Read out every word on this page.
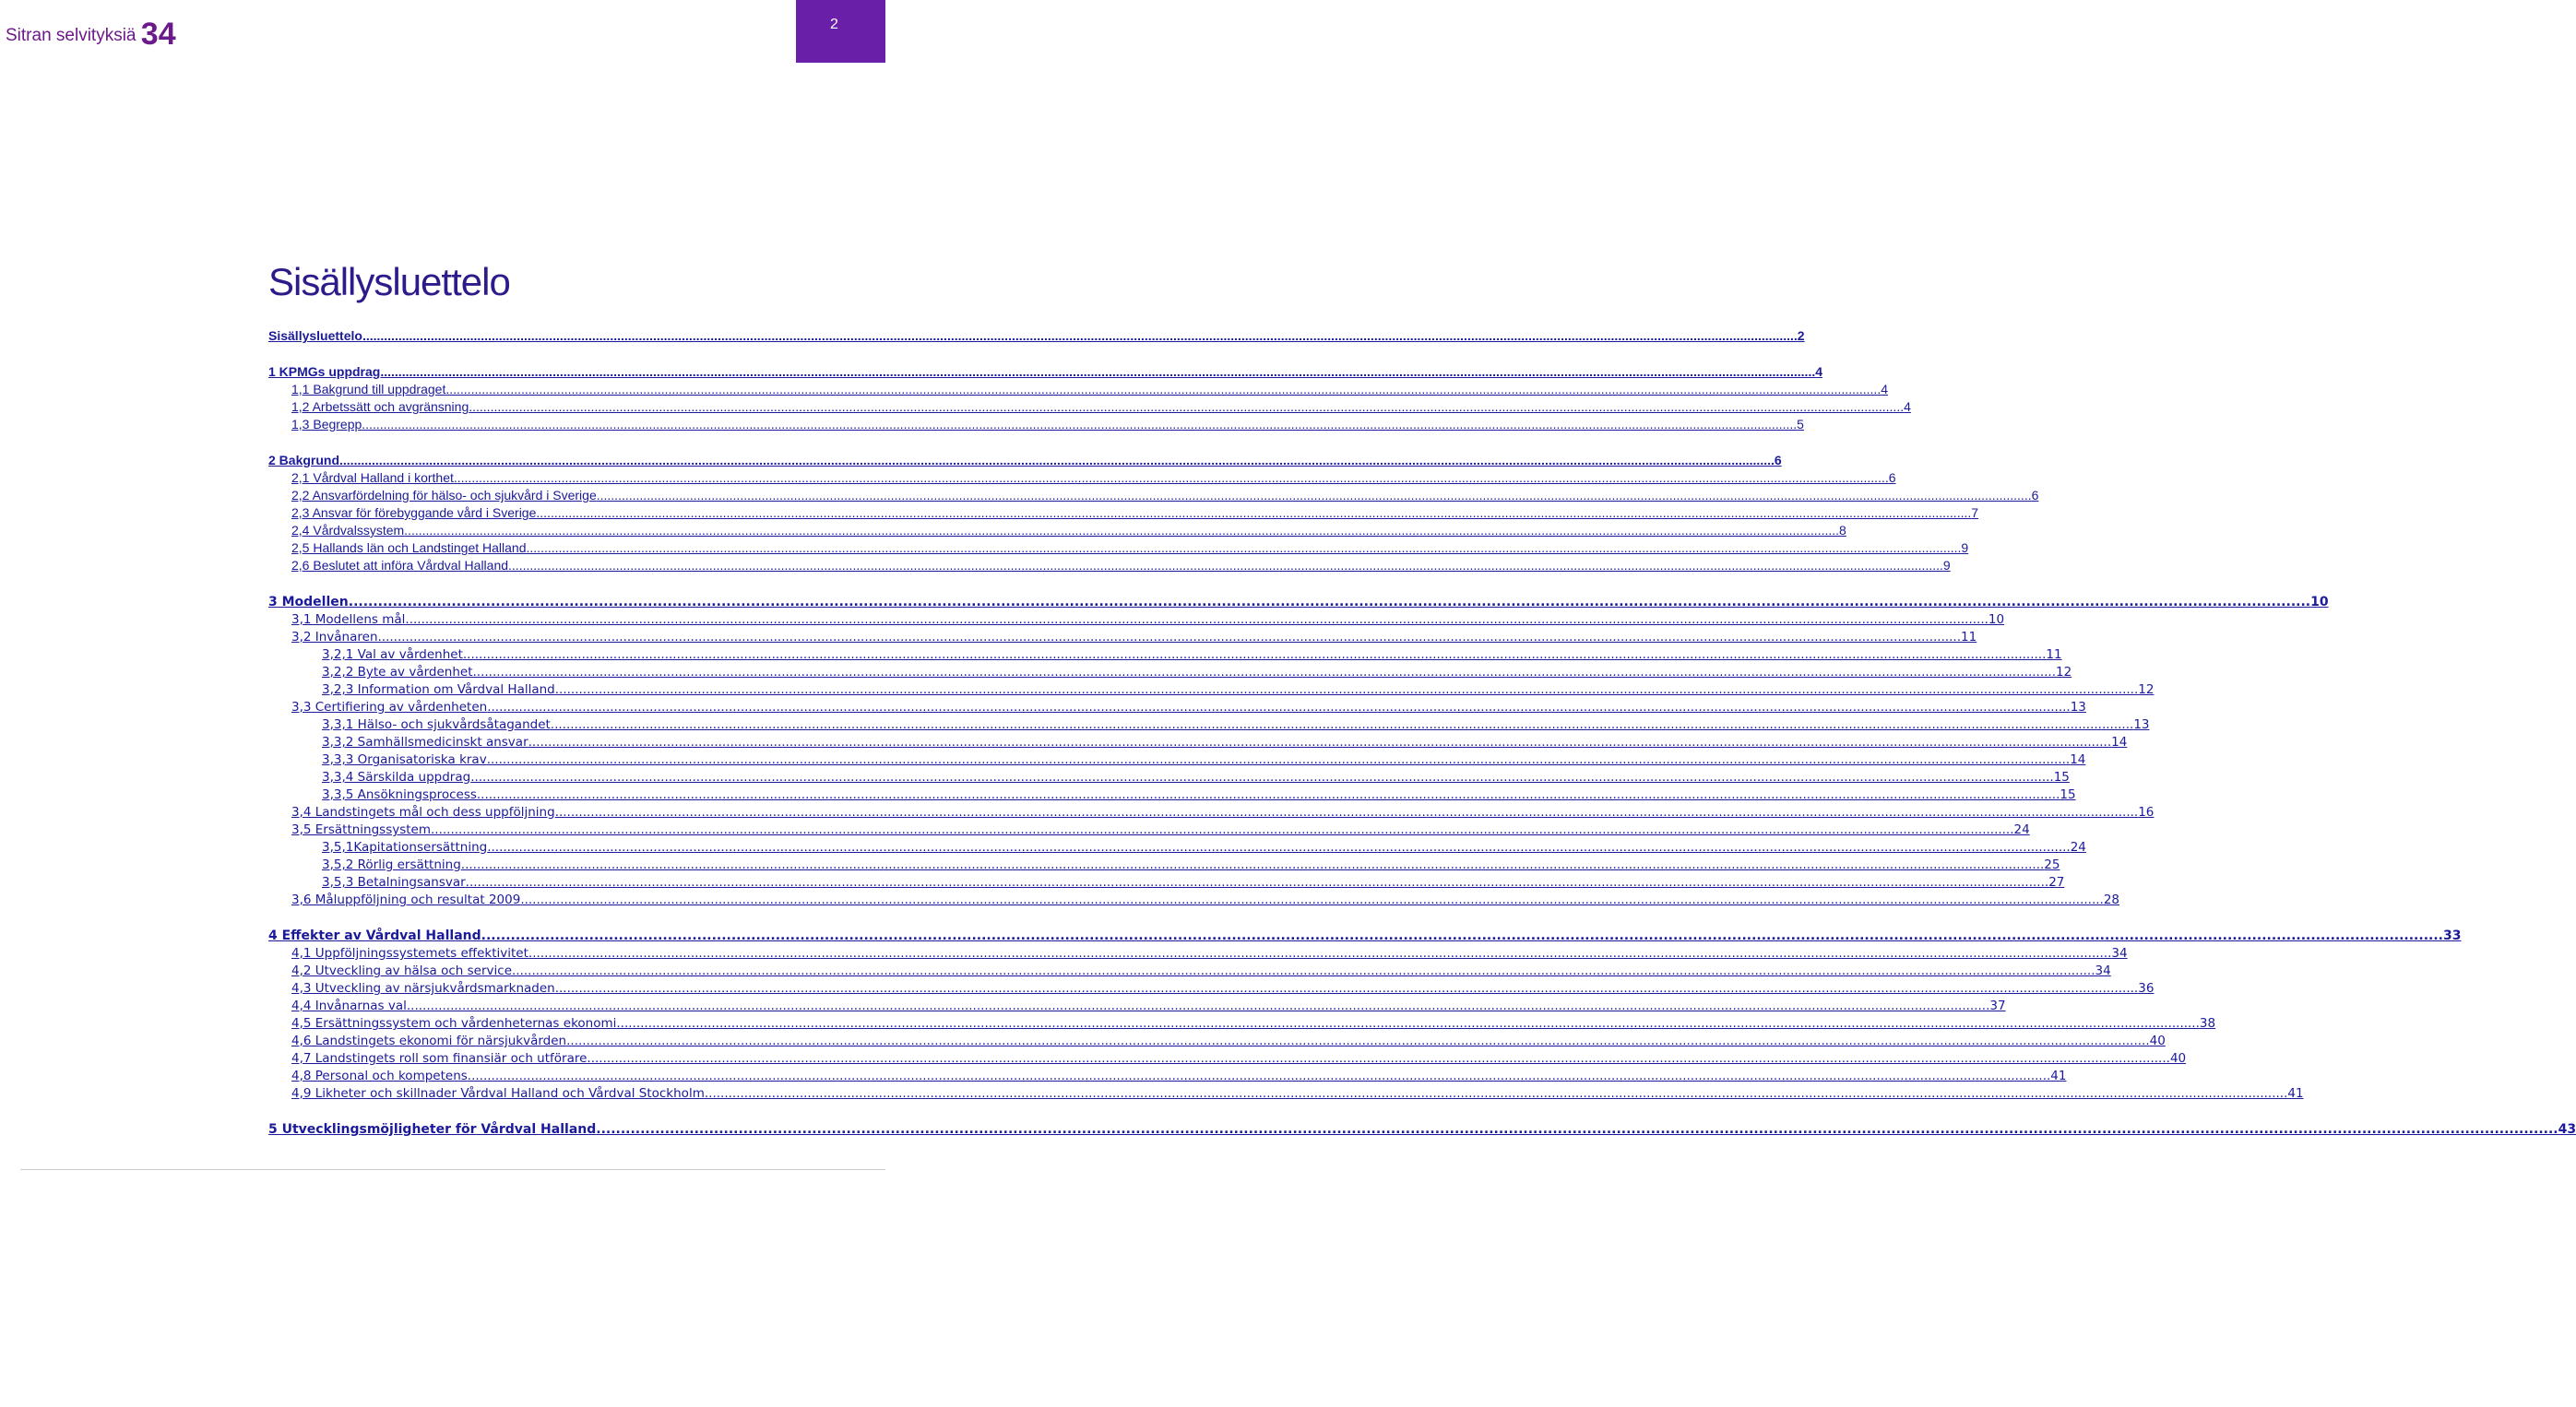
Sitran selvityksiä 34	2
Sisällysluettelo
Sisällysluettelo ................................................................................................................................................................................................................................................................................................................................................................................................................ 2
1 KPMGs uppdrag ................................................................................................................................................................................................................................................................................................................................................................................................................ 4
1,1 Bakgrund till uppdraget ................................................................................................................................................................................................................................................................................................................................................................................................................ 4
1,2 Arbetssätt och avgränsning ................................................................................................................................................................................................................................................................................................................................................................................................................ 4
1,3 Begrepp ................................................................................................................................................................................................................................................................................................................................................................................................................ 5
2 Bakgrund ................................................................................................................................................................................................................................................................................................................................................................................................................ 6
2,1 Vårdval Halland i korthet ................................................................................................................................................................................................................................................................................................................................................................................................................ 6
2,2 Ansvarfördelning för hälso- och sjukvård i Sverige ................................................................................................................................................................................................................................................................................................................................................................................................................ 6
2,3 Ansvar för förebyggande vård i Sverige ................................................................................................................................................................................................................................................................................................................................................................................................................ 7
2,4 Vårdvalssystem ................................................................................................................................................................................................................................................................................................................................................................................................................ 8
2,5 Hallands län och Landstinget Halland ................................................................................................................................................................................................................................................................................................................................................................................................................ 9
2,6 Beslutet att införa Vårdval Halland ................................................................................................................................................................................................................................................................................................................................................................................................................ 9
3 Modellen ................................................................................................................................................................................................................................................................................................................................................................................................................ 10
3,1 Modellens mål ................................................................................................................................................................................................................................................................................................................................................................................................................ 10
3,2 Invånaren ................................................................................................................................................................................................................................................................................................................................................................................................................ 11
3,2,1 Val av vårdenhet ................................................................................................................................................................................................................................................................................................................................................................................................................ 11
3,2,2 Byte av vårdenhet ................................................................................................................................................................................................................................................................................................................................................................................................................ 12
3,2,3 Information om Vårdval Halland ................................................................................................................................................................................................................................................................................................................................................................................................................ 12
3,3 Certifiering av vårdenheten ................................................................................................................................................................................................................................................................................................................................................................................................................ 13
3,3,1 Hälso- och sjukvårdsåtagandet ................................................................................................................................................................................................................................................................................................................................................................................................................ 13
3,3,2 Samhällsmedicinskt ansvar ................................................................................................................................................................................................................................................................................................................................................................................................................ 14
3,3,3 Organisatoriska krav ................................................................................................................................................................................................................................................................................................................................................................................................................ 14
3,3,4 Särskilda uppdrag ................................................................................................................................................................................................................................................................................................................................................................................................................ 15
3,3,5 Ansökningsprocess ................................................................................................................................................................................................................................................................................................................................................................................................................ 15
3,4 Landstingets mål och dess uppföljning ................................................................................................................................................................................................................................................................................................................................................................................................................ 16
3,5 Ersättningssystem ................................................................................................................................................................................................................................................................................................................................................................................................................ 24
3,5,1Kapitationsersättning ................................................................................................................................................................................................................................................................................................................................................................................................................ 24
3,5,2 Rörlig ersättning ................................................................................................................................................................................................................................................................................................................................................................................................................ 25
3,5,3 Betalningsansvar ................................................................................................................................................................................................................................................................................................................................................................................................................ 27
3,6 Måluppföljning och resultat 2009 ................................................................................................................................................................................................................................................................................................................................................................................................................ 28
4 Effekter av Vårdval Halland ................................................................................................................................................................................................................................................................................................................................................................................................................ 33
4,1 Uppföljningssystemets effektivitet ................................................................................................................................................................................................................................................................................................................................................................................................................ 34
4,2 Utveckling av hälsa och service ................................................................................................................................................................................................................................................................................................................................................................................................................ 34
4,3 Utveckling av närsjukvårdsmarknaden ................................................................................................................................................................................................................................................................................................................................................................................................................ 36
4,4 Invånarnas val ................................................................................................................................................................................................................................................................................................................................................................................................................ 37
4,5 Ersättningssystem och vårdenheternas ekonomi ................................................................................................................................................................................................................................................................................................................................................................................................................ 38
4,6 Landstingets ekonomi för närsjukvården ................................................................................................................................................................................................................................................................................................................................................................................................................ 40
4,7 Landstingets roll som finansiär och utförare ................................................................................................................................................................................................................................................................................................................................................................................................................ 40
4,8 Personal och kompetens ................................................................................................................................................................................................................................................................................................................................................................................................................ 41
4,9 Likheter och skillnader Vårdval Halland och Vårdval Stockholm ................................................................................................................................................................................................................................................................................................................................................................................................................ 41
5 Utvecklingsmöjligheter för Vårdval Halland ................................................................................................................................................................................................................................................................................................................................................................................................................ 43
